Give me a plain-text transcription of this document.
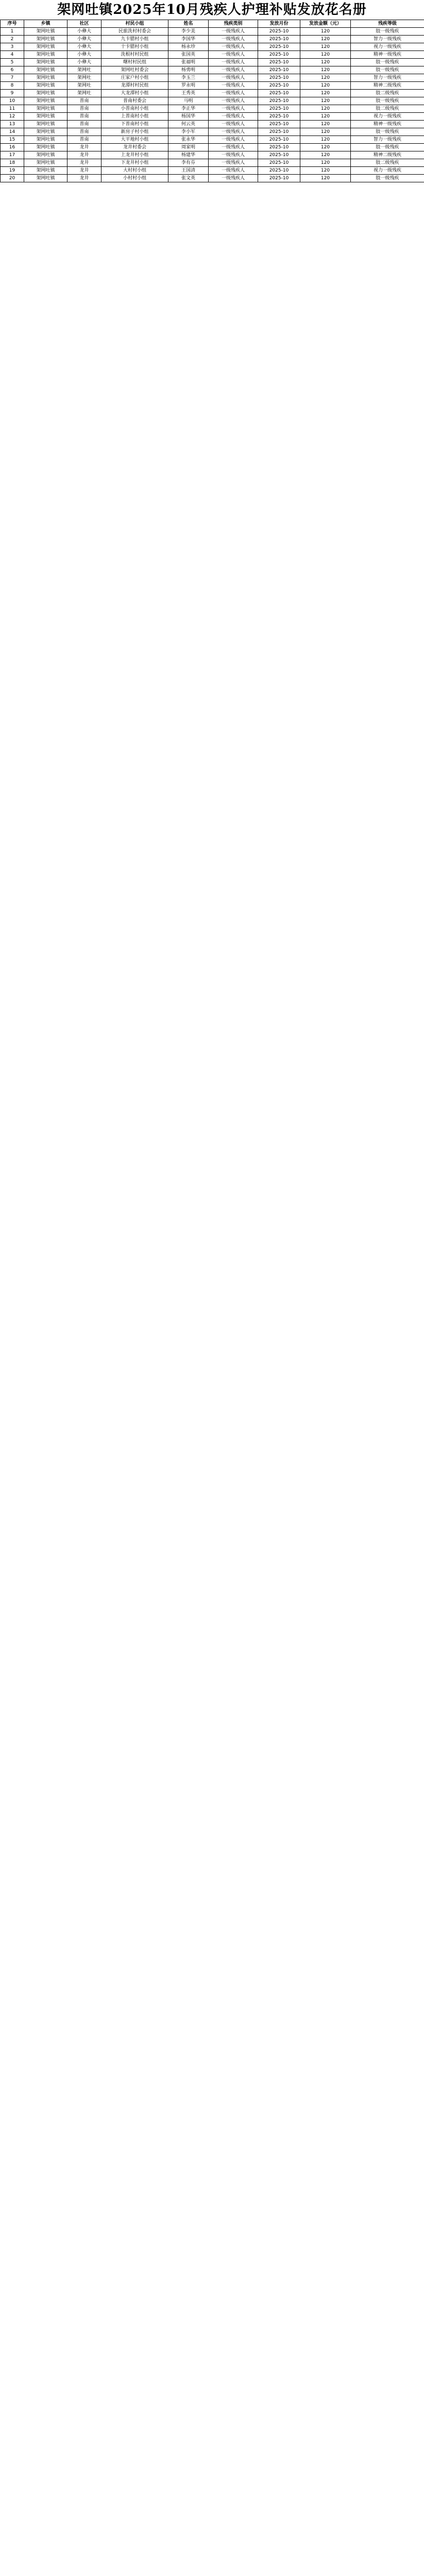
架网吐镇2025年10月残疾人护理补贴发放花名册
序号	乡镇	社区	村民小组	姓名	残疾类别	发放月份	发放金额（元）	残疾等级
1	架网吐镇	小彝大	民旅洗村村委会	李少美	一级残疾人	2025-10	120	肢一级残疾
2	架网吐镇	小彝大	九卡腊村小组	李国华	一级残疾人	2025-10	120	智力一级残疾
3	架网吐镇	小彝大	十卡腊村小组	杨永珍	一级残疾人	2025-10	120	视力一级残疾
4	架网吐镇	小彝大	洗根村村民组	张国英	一级残疾人	2025-10	120	精神一级残疾
5	架网吐镇	小彝大	曙村村民组	张福明	一级残疾人	2025-10	120	肢一级残疾
6	架网吐镇	架网吐	架网吐村委会	杨勇明	一级残疾人	2025-10	120	肢一级残疾
7	架网吐镇	架网吐	庄家户村小组	李玉兰	一级残疾人	2025-10	120	智力一级残疾
8	架网吐镇	架网吐	龙潭村村民组	罗永明	一级残疾人	2025-10	120	精神二级残疾
9	架网吐镇	架网吐	大龙潭村小组	王秀英	一级残疾人	2025-10	120	肢二级残疾
10	架网吐镇	普南	普南村委会	马明	一级残疾人	2025-10	120	肢一级残疾
11	架网吐镇	普南	小普南村小组	李正华	一级残疾人	2025-10	120	肢二级残疾
12	架网吐镇	普南	上普南村小组	杨国华	一级残疾人	2025-10	120	视力一级残疾
13	架网吐镇	普南	下普南村小组	何云英	一级残疾人	2025-10	120	精神一级残疾
14	架网吐镇	普南	新房子村小组	李小军	一级残疾人	2025-10	120	肢一级残疾
15	架网吐镇	普南	大平地村小组	张永华	一级残疾人	2025-10	120	智力一级残疾
16	架网吐镇	龙井	龙井村委会	周家明	一级残疾人	2025-10	120	肢一级残疾
17	架网吐镇	龙井	上龙井村小组	杨建华	一级残疾人	2025-10	120	精神二级残疾
18	架网吐镇	龙井	下龙井村小组	李有芬	一级残疾人	2025-10	120	肢二级残疾
19	架网吐镇	龙井	大村村小组	王国清	一级残疾人	2025-10	120	视力一级残疾
20	架网吐镇	龙井	小村村小组	张文英	一级残疾人	2025-10	120	肢一级残疾
